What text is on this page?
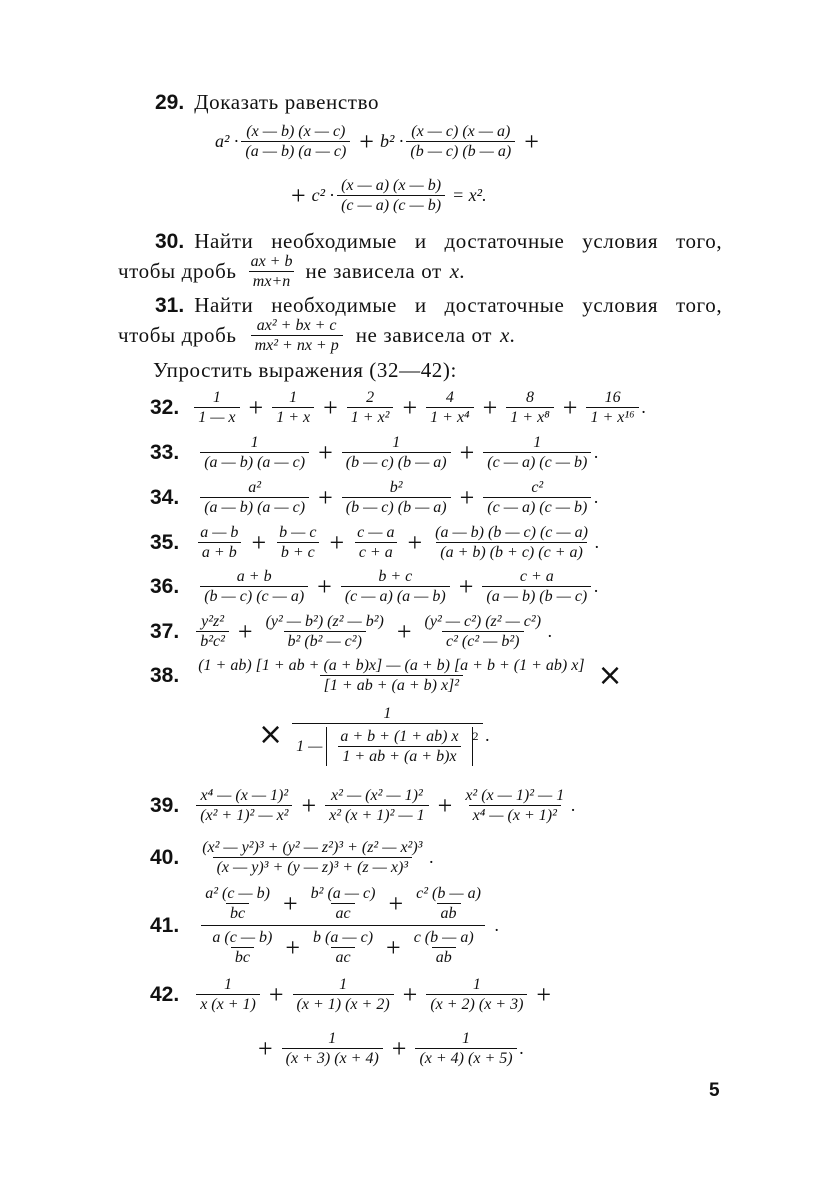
29. Доказать равенство
$a^2 \cdot \frac{(x — b) (x — c)}{(a — b) (a — c)} + b^2 \cdot \frac{(x — c) (x — a)}{(b — c) (b — a)}$ +
+ $c^2 \cdot \frac{(x — a) (x — b)}{(c — a) (c — b)} = x^2$.
30. Найти необходимые и достаточные условия того,
чтобы дробь $\frac{ax + b}{mx+n}$ не зависела от x.
31. Найти необходимые и достаточные условия того,
чтобы дробь $\frac{\text{ax² + bx + c}}{\text{mx² + nx + p}}$ не зависела от x.
Упростить выражения (32—42):
32. $\frac{1}{1 — x} + \frac{1}{1 + x} + \frac{2}{\text{1 + x²}} + \frac{4}{\text{1 + x⁴}} + \frac{8}{\text{1 + x⁸}} + \frac{16}{\text{1 + x¹⁶}}$ .
33. $\frac{1}{(a — b) (a — c)} + \frac{1}{(b — c) (b — a)} + \frac{1}{(c — a) (c — b)}$ .
34. $\frac{\text{a²}}{(a — b) (a — c)} + \frac{\text{b²}}{(b — c) (b — a)} + \frac{\text{c²}}{(c — a) (c — b)}$ .
35. $\frac{a — b}{a + b} + \frac{b — c}{b + c} + \frac{c — a}{c + a} + \frac{(a — b) (b — c) (c — a)}{(a + b) (b + c) (c + a)}$ .
36. $\frac{a + b}{(b — c) (c — a)} + \frac{b + c}{(c — a) (a — b)} + \frac{c + a}{(a — b) (b — c)}$ .
37. $\frac{\text{y²z²}}{\text{b²c²}} + \frac{\text{(y² — b²) (z² — b²)}}{\text{b² (b² — c²)}} + \frac{\text{(y² — c²) (z² — c²)}}{\text{c² (c² — b²)}}$ .
38. $\frac{(1 + ab) [1 + ab + (a + b)x] — (a + b) [a + b + (1 + ab) x]}{\text{[1 + ab + (a + b) x]²}}$ ×
×
1
1 — $\frac{a + b + (1 + ab) x}{1 + ab + (a + b)x} ^2$ .
39. $\frac{\text{x⁴ — (x — 1)²}}{\text{(x² + 1)² — x²}} + \frac{\text{x² — (x² — 1)²}}{\text{x² (x + 1)² — 1}} + \frac{\text{x² (x — 1)² — 1}}{\text{x⁴ — (x + 1)²}}$ .
40. $\frac{\text{(x² — y²)³ + (y² — z²)³ + (z² — x²)³}}{\text{(x — y)³ + (y — z)³ + (z — x)³}}$ .
41.
$\frac{\text{a² (c — b)}}{bc} + \frac{\text{b² (a — c)}}{ac} + \frac{\text{c² (b — a)}}{ab}$
$\frac{a (c — b)}{bc} + \frac{b (a — c)}{ac} + \frac{c (b — a)}{ab}$
.
42. $\frac{1}{x (x + 1)} + \frac{1}{(x + 1) (x + 2)} + \frac{1}{(x + 2) (x + 3)}$ +
+ $\frac{1}{(x + 3) (x + 4)} + \frac{1}{(x + 4) (x + 5)}$ .
5
